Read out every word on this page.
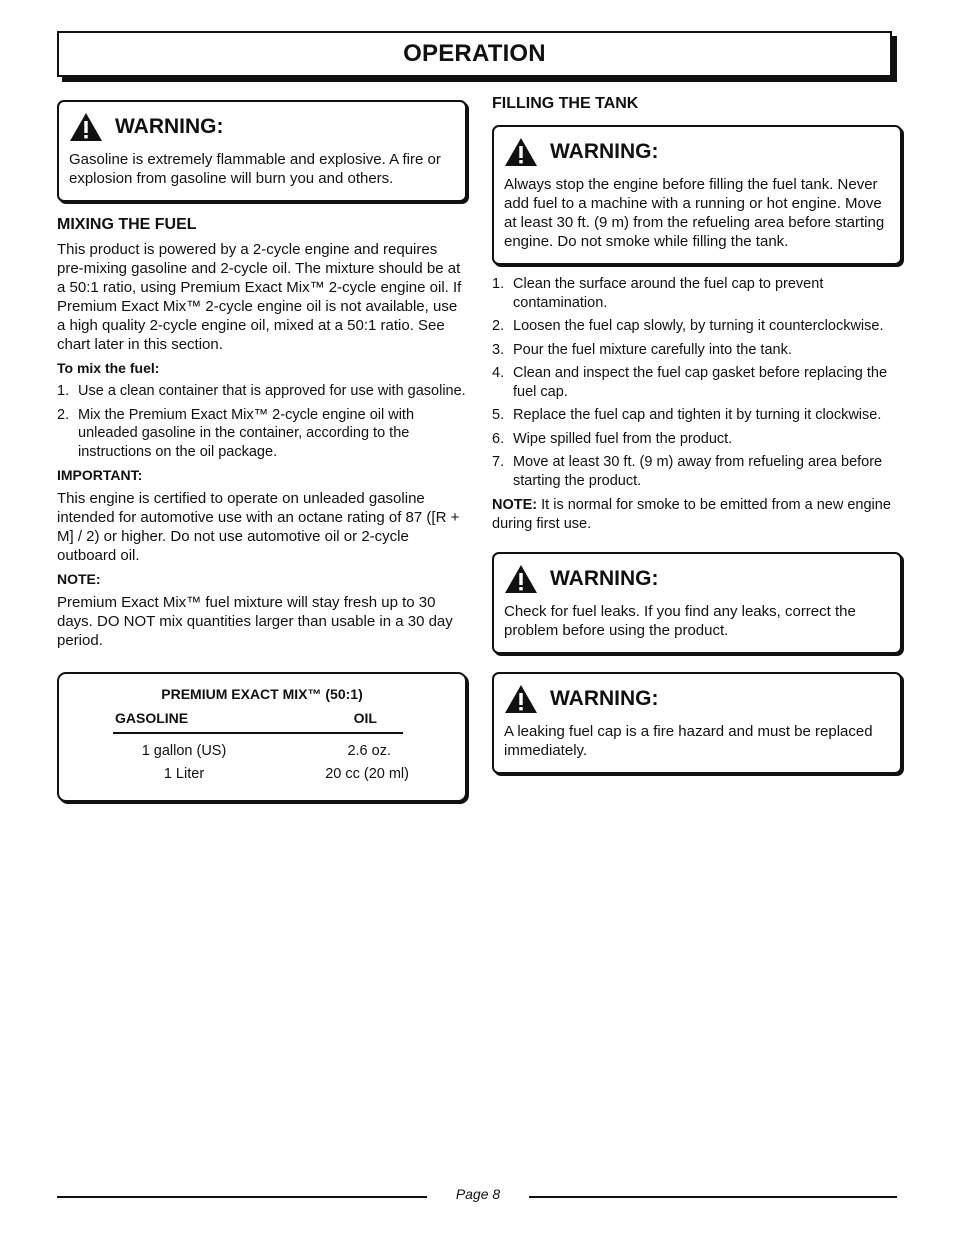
OPERATION
WARNING:
Gasoline is extremely flammable and explosive. A fire or explosion from gasoline will burn you and others.
MIXING THE FUEL

This product is powered by a 2-cycle engine and requires pre-mixing gasoline and 2-cycle oil. The mixture should be at a 50:1 ratio, using Premium Exact Mix™ 2-cycle engine oil. If Premium Exact Mix™ 2-cycle engine oil is not available, use a high quality 2-cycle engine oil, mixed at a 50:1 ratio. See chart later in this section.

To mix the fuel:

1. Use a clean container that is approved for use with gasoline.
2. Mix the Premium Exact Mix™ 2-cycle engine oil with unleaded gasoline in the container, according to the instructions on the oil package.

IMPORTANT:

This engine is certified to operate on unleaded gasoline intended for automotive use with an octane rating of 87 ([R + M] / 2) or higher. Do not use automotive oil or 2-cycle outboard oil.

NOTE:

Premium Exact Mix™ fuel mixture will stay fresh up to 30 days. DO NOT mix quantities larger than usable in a 30 day period.

PREMIUM EXACT MIX™ (50:1)
GASOLINE	OIL
1 gallon (US)	2.6 oz.
1 Liter	20 cc (20 ml)
FILLING THE TANK
WARNING:
Always stop the engine before filling the fuel tank. Never add fuel to a machine with a running or hot engine. Move at least 30 ft. (9 m) from the refueling area before starting engine. Do not smoke while filling the tank.
1. Clean the surface around the fuel cap to prevent contamination.
2. Loosen the fuel cap slowly, by turning it counterclockwise.
3. Pour the fuel mixture carefully into the tank.
4. Clean and inspect the fuel cap gasket before replacing the fuel cap.
5. Replace the fuel cap and tighten it by turning it clockwise.
6. Wipe spilled fuel from the product.
7. Move at least 30 ft. (9 m) away from refueling area before starting the product.

NOTE: It is normal for smoke to be emitted from a new engine during first use.

WARNING:
Check for fuel leaks. If you find any leaks, correct the problem before using the product.
WARNING:
A leaking fuel cap is a fire hazard and must be replaced immediately.
Page 8
